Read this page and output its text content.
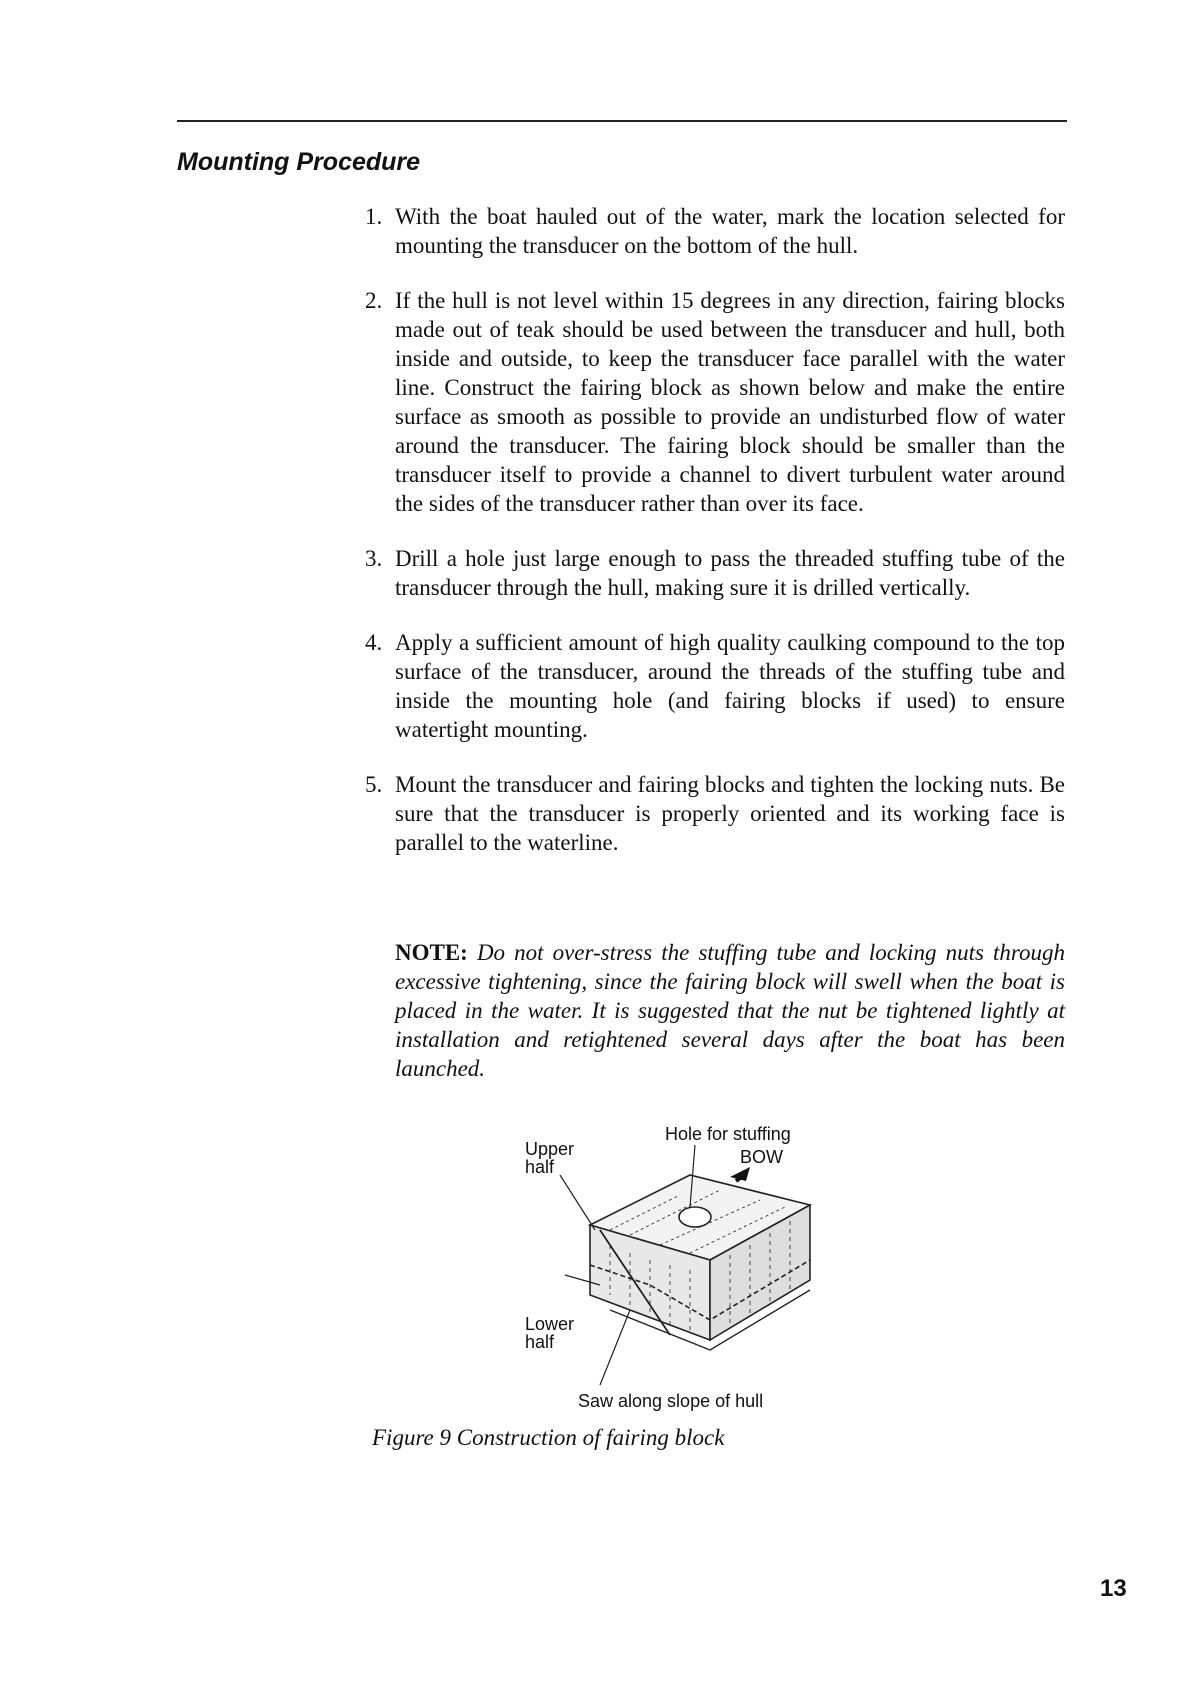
Mounting Procedure
1. With the boat hauled out of the water, mark the location selected for mounting the transducer on the bottom of the hull.
2. If the hull is not level within 15 degrees in any direction, fairing blocks made out of teak should be used between the transducer and hull, both inside and outside, to keep the transducer face parallel with the water line. Construct the fairing block as shown below and make the entire surface as smooth as possible to provide an undisturbed flow of water around the transducer. The fairing block should be smaller than the transducer itself to provide a channel to divert turbulent water around the sides of the transducer rather than over its face.
3. Drill a hole just large enough to pass the threaded stuffing tube of the transducer through the hull, making sure it is drilled vertically.
4. Apply a sufficient amount of high quality caulking compound to the top surface of the transducer, around the threads of the stuffing tube and inside the mounting hole (and fairing blocks if used) to ensure watertight mounting.
5. Mount the transducer and fairing blocks and tighten the locking nuts. Be sure that the transducer is properly oriented and its working face is parallel to the waterline.

NOTE: Do not over-stress the stuffing tube and locking nuts through excessive tightening, since the fairing block will swell when the boat is placed in the water. It is suggested that the nut be tightened lightly at installation and retightened several days after the boat has been launched.

Hole for stuffing
BOW
Upper
half
Lower
half
Saw along slope of hull

Figure 9 Construction of fairing block

13
